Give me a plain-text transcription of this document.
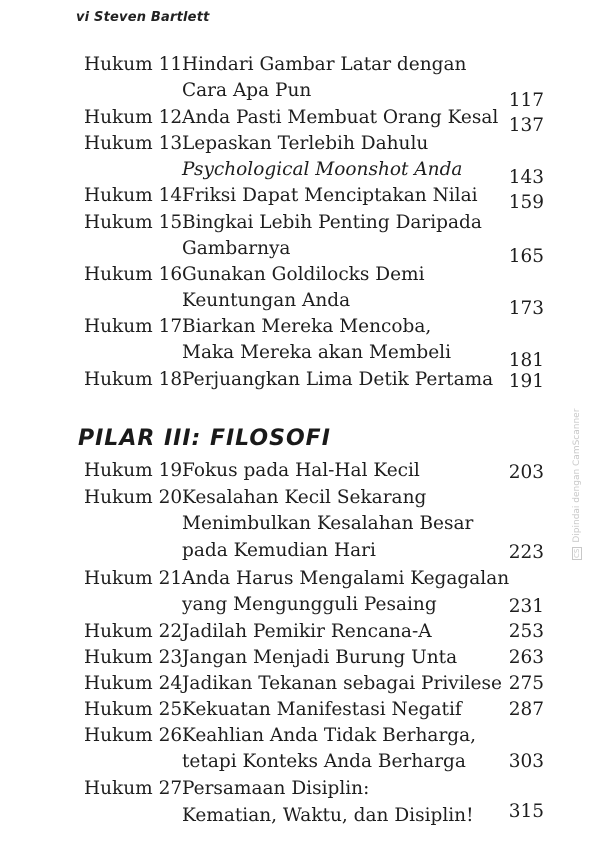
vi Steven Bartlett
Hukum 11 Hindari Gambar Latar dengan
Cara Apa Pun	117
Hukum 12 Anda Pasti Membuat Orang Kesal 137
Hukum 13 Lepaskan Terlebih Dahulu
Psychological Moonshot Anda 143
Hukum 14 Friksi Dapat Menciptakan Nilai 159
Hukum 15 Bingkai Lebih Penting Daripada
Gambarnya	165
Hukum 16 Gunakan Goldilocks Demi
Keuntungan Anda	173
Hukum 17 Biarkan Mereka Mencoba,
Maka Mereka akan Membeli	181
Hukum 18 Perjuangkan Lima Detik Pertama 191
PILAR III: FILOSOFI
Hukum 19 Fokus pada Hal-Hal Kecil	203
Hukum 20 Kesalahan Kecil Sekarang
Menimbulkan Kesalahan Besar
pada Kemudian Hari	223
Hukum 21 Anda Harus Mengalami Kegagalan
yang Mengungguli Pesaing	231
Hukum 22 Jadilah Pemikir Rencana-A	253
Hukum 23 Jangan Menjadi Burung Unta	263
Hukum 24 Jadikan Tekanan sebagai Privilese 275
Hukum 25 Kekuatan Manifestasi Negatif	287
Hukum 26 Keahlian Anda Tidak Berharga,
tetapi Konteks Anda Berharga 303
Hukum 27 Persamaan Disiplin:
Kematian, Waktu, dan Disiplin! 315
CSDipindai dengan CamScanner
